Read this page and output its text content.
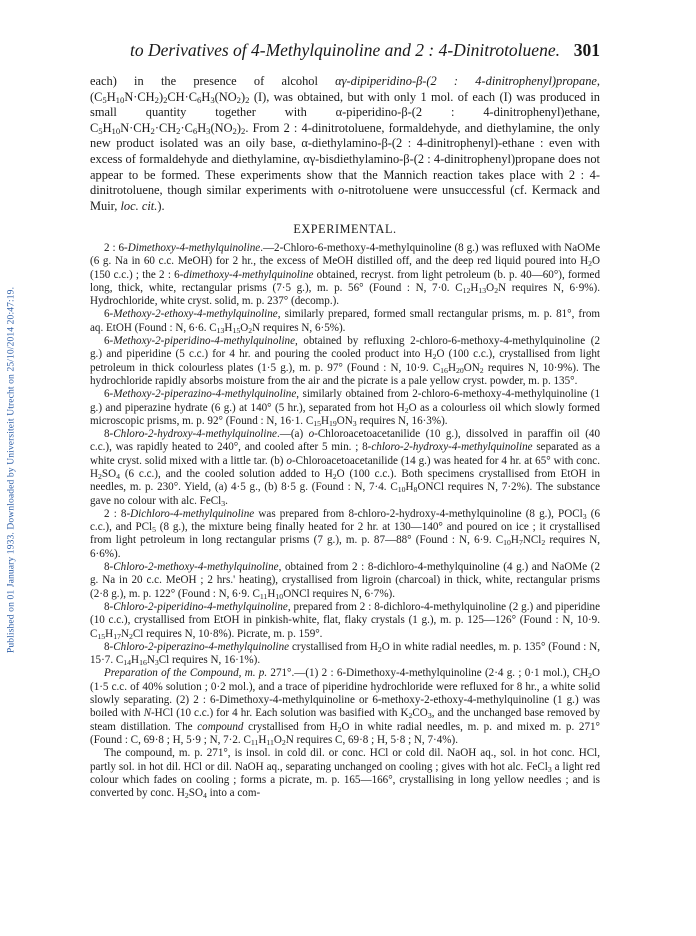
to Derivatives of 4-Methylquinoline and 2 : 4-Dinitrotoluene. 301
Published on 01 January 1933. Downloaded by Universiteit Utrecht on 25/10/2014 20:47:19.

each) in the presence of alcohol αγ-dipiperidino-β-(2 : 4-dinitrophenyl)propane, $(C_5H_{10}N\cdot CH_2)_2CH\cdot C_6H_3(NO_2)_2$ (I), was obtained, but with only 1 mol. of each (I) was produced in small quantity together with α-piperidino-β-(2 : 4-dinitrophenyl)ethane, $C_5H_{10}N\cdot CH_2\cdot CH_2\cdot C_6H_3(NO_2)_2$. From 2 : 4-dinitrotoluene, formaldehyde, and diethylamine, the only new product isolated was an oily base, α-diethylamino-β-(2 : 4-dinitrophenyl)-ethane : even with excess of formaldehyde and diethylamine, αγ-bisdiethylamino-β-(2 : 4-dinitrophenyl)propane does not appear to be formed. These experiments show that the Mannich reaction takes place with 2 : 4-dinitrotoluene, though similar experiments with o-nitrotoluene were unsuccessful (cf. Kermack and Muir, loc. cit.).

EXPERIMENTAL.

2 : 6-Dimethoxy-4-methylquinoline.—2-Chloro-6-methoxy-4-methylquinoline (8 g.) was refluxed with NaOMe (6 g. Na in 60 c.c. MeOH) for 2 hr., the excess of MeOH distilled off, and the deep red liquid poured into $H_2O$ (150 c.c.) ; the 2 : 6-dimethoxy-4-methylquinoline obtained, recryst. from light petroleum (b. p. 40—60°), formed long, thick, white, rectangular prisms (7·5 g.), m. p. 56° (Found : N, 7·0. $C_{12}H_{13}O_2N$ requires N, 6·9%). Hydrochloride, white cryst. solid, m. p. 237° (decomp.).

6-Methoxy-2-ethoxy-4-methylquinoline, similarly prepared, formed small rectangular prisms, m. p. 81°, from aq. EtOH (Found : N, 6·6. $C_{13}H_{15}O_2N$ requires N, 6·5%).

6-Methoxy-2-piperidino-4-methylquinoline, obtained by refluxing 2-chloro-6-methoxy-4-methylquinoline (2 g.) and piperidine (5 c.c.) for 4 hr. and pouring the cooled product into $H_2O$ (100 c.c.), crystallised from light petroleum in thick colourless plates (1·5 g.), m. p. 97° (Found : N, 10·9. $C_{16}H_{20}ON_2$ requires N, 10·9%). The hydrochloride rapidly absorbs moisture from the air and the picrate is a pale yellow cryst. powder, m. p. 135°.

6-Methoxy-2-piperazino-4-methylquinoline, similarly obtained from 2-chloro-6-methoxy-4-methylquinoline (1 g.) and piperazine hydrate (6 g.) at 140° (5 hr.), separated from hot $H_2O$ as a colourless oil which slowly formed microscopic prisms, m. p. 92° (Found : N, 16·1. $C_{15}H_{19}ON_3$ requires N, 16·3%).

8-Chloro-2-hydroxy-4-methylquinoline.—(a) o-Chloroacetoacetanilide (10 g.), dissolved in paraffin oil (40 c.c.), was rapidly heated to 240°, and cooled after 5 min. ; 8-chloro-2-hydroxy-4-methylquinoline separated as a white cryst. solid mixed with a little tar. (b) o-Chloroacetoacetanilide (14 g.) was heated for 4 hr. at 65° with conc. $H_2SO_4$ (6 c.c.), and the cooled solution added to $H_2O$ (100 c.c.). Both specimens crystallised from EtOH in needles, m. p. 230°. Yield, (a) 4·5 g., (b) 8·5 g. (Found : N, 7·4. $C_{10}H_8ONCl$ requires N, 7·2%). The substance gave no colour with alc. FeCl$_3$.

2 : 8-Dichloro-4-methylquinoline was prepared from 8-chloro-2-hydroxy-4-methylquinoline (8 g.), POCl$_3$ (6 c.c.), and PCl$_5$ (8 g.), the mixture being finally heated for 2 hr. at 130—140° and poured on ice ; it crystallised from light petroleum in long rectangular prisms (7 g.), m. p. 87—88° (Found : N, 6·9. $C_{10}H_7NCl_2$ requires N, 6·6%).

8-Chloro-2-methoxy-4-methylquinoline, obtained from 2 : 8-dichloro-4-methylquinoline (4 g.) and NaOMe (2 g. Na in 20 c.c. MeOH ; 2 hrs.' heating), crystallised from ligroin (charcoal) in thick, white, rectangular prisms (2·8 g.), m. p. 122° (Found : N, 6·9. $C_{11}H_{10}ONCl$ requires N, 6·7%).

8-Chloro-2-piperidino-4-methylquinoline, prepared from 2 : 8-dichloro-4-methylquinoline (2 g.) and piperidine (10 c.c.), crystallised from EtOH in pinkish-white, flat, flaky crystals (1 g.), m. p. 125—126° (Found : N, 10·9. $C_{15}H_{17}N_2Cl$ requires N, 10·8%). Picrate, m. p. 159°.

8-Chloro-2-piperazino-4-methylquinoline crystallised from $H_2O$ in white radial needles, m. p. 135° (Found : N, 15·7. $C_{14}H_{16}N_3Cl$ requires N, 16·1%).

Preparation of the Compound, m. p. 271°.—(1) 2 : 6-Dimethoxy-4-methylquinoline (2·4 g. ; 0·1 mol.), $CH_2O$ (1·5 c.c. of 40% solution ; 0·2 mol.), and a trace of piperidine hydrochloride were refluxed for 8 hr., a white solid slowly separating. (2) 2 : 6-Dimethoxy-4-methylquinoline or 6-methoxy-2-ethoxy-4-methylquinoline (1 g.) was boiled with N-HCl (10 c.c.) for 4 hr. Each solution was basified with $K_2CO_3$, and the unchanged base removed by steam distillation. The compound crystallised from $H_2O$ in white radial needles, m. p. and mixed m. p. 271° (Found : C, 69·8 ; H, 5·9 ; N, 7·2. $C_{11}H_{11}O_2N$ requires C, 69·8 ; H, 5·8 ; N, 7·4%).

The compound, m. p. 271°, is insol. in cold dil. or conc. HCl or cold dil. NaOH aq., sol. in hot conc. HCl, partly sol. in hot dil. HCl or dil. NaOH aq., separating unchanged on cooling ; gives with hot alc. FeCl$_3$ a light red colour which fades on cooling ; forms a picrate, m. p. 165—166°, crystallising in long yellow needles ; and is converted by conc. $H_2SO_4$ into a com-
